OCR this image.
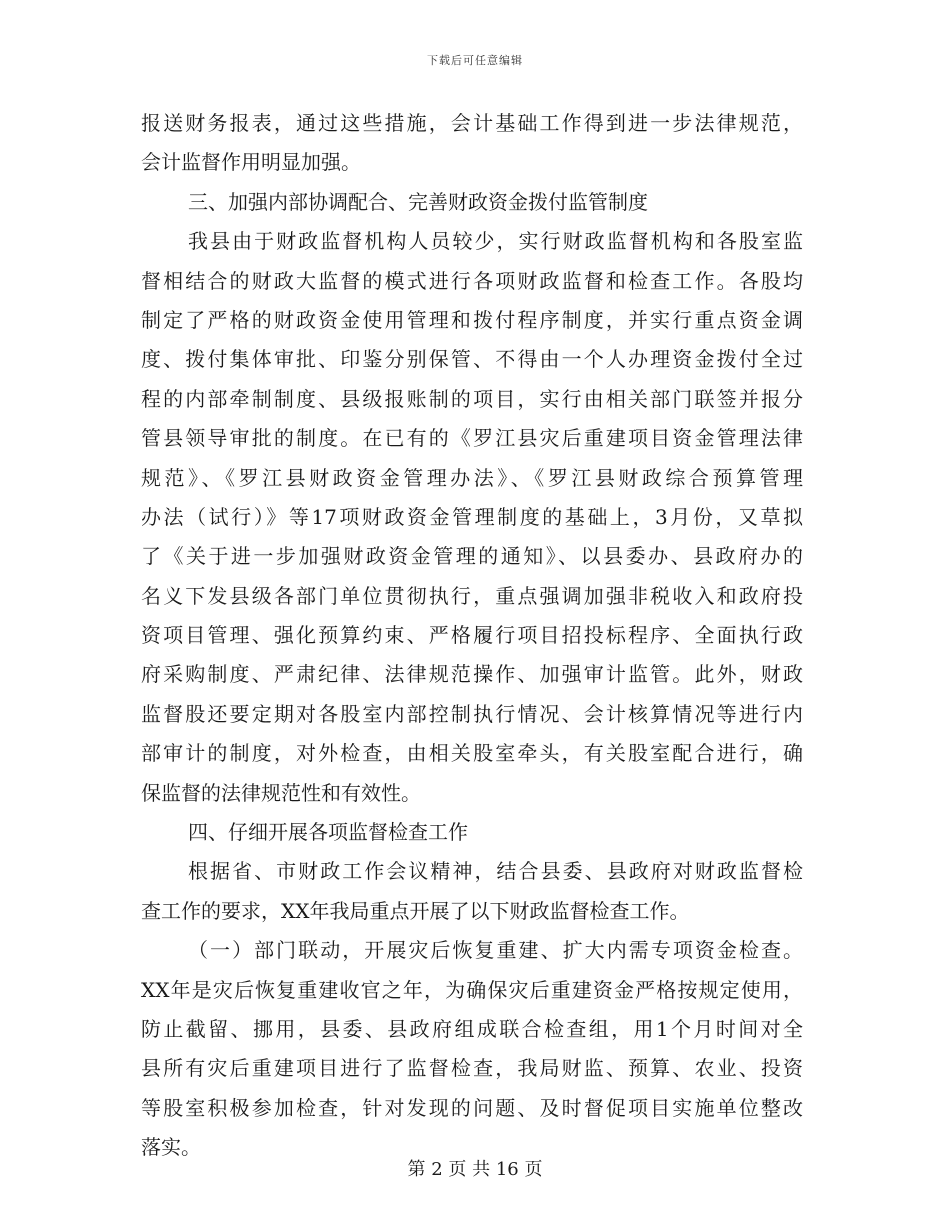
下载后可任意编辑
报送财务报表，通过这些措施，会计基础工作得到进一步法律规范，
会计监督作用明显加强。
三、加强内部协调配合、完善财政资金拨付监管制度
我县由于财政监督机构人员较少，实行财政监督机构和各股室监
督相结合的财政大监督的模式进行各项财政监督和检查工作。各股均
制定了严格的财政资金使用管理和拨付程序制度，并实行重点资金调
度、拨付集体审批、印鉴分别保管、不得由一个人办理资金拨付全过
程的内部牵制制度、县级报账制的项目，实行由相关部门联签并报分
管县领导审批的制度。在已有的《罗江县灾后重建项目资金管理法律
规范》、《罗江县财政资金管理办法》、《罗江县财政综合预算管理
办法（试行）》等17项财政资金管理制度的基础上，3月份，又草拟
了《关于进一步加强财政资金管理的通知》、以县委办、县政府办的
名义下发县级各部门单位贯彻执行，重点强调加强非税收入和政府投
资项目管理、强化预算约束、严格履行项目招投标程序、全面执行政
府采购制度、严肃纪律、法律规范操作、加强审计监管。此外，财政
监督股还要定期对各股室内部控制执行情况、会计核算情况等进行内
部审计的制度，对外检查，由相关股室牵头，有关股室配合进行，确
保监督的法律规范性和有效性。
四、仔细开展各项监督检查工作
根据省、市财政工作会议精神，结合县委、县政府对财政监督检
查工作的要求，XX年我局重点开展了以下财政监督检查工作。
（一）部门联动，开展灾后恢复重建、扩大内需专项资金检查。
XX年是灾后恢复重建收官之年，为确保灾后重建资金严格按规定使用，
防止截留、挪用，县委、县政府组成联合检查组，用1个月时间对全
县所有灾后重建项目进行了监督检查，我局财监、预算、农业、投资
等股室积极参加检查，针对发现的问题、及时督促项目实施单位整改
落实。
第 2 页 共 16 页
